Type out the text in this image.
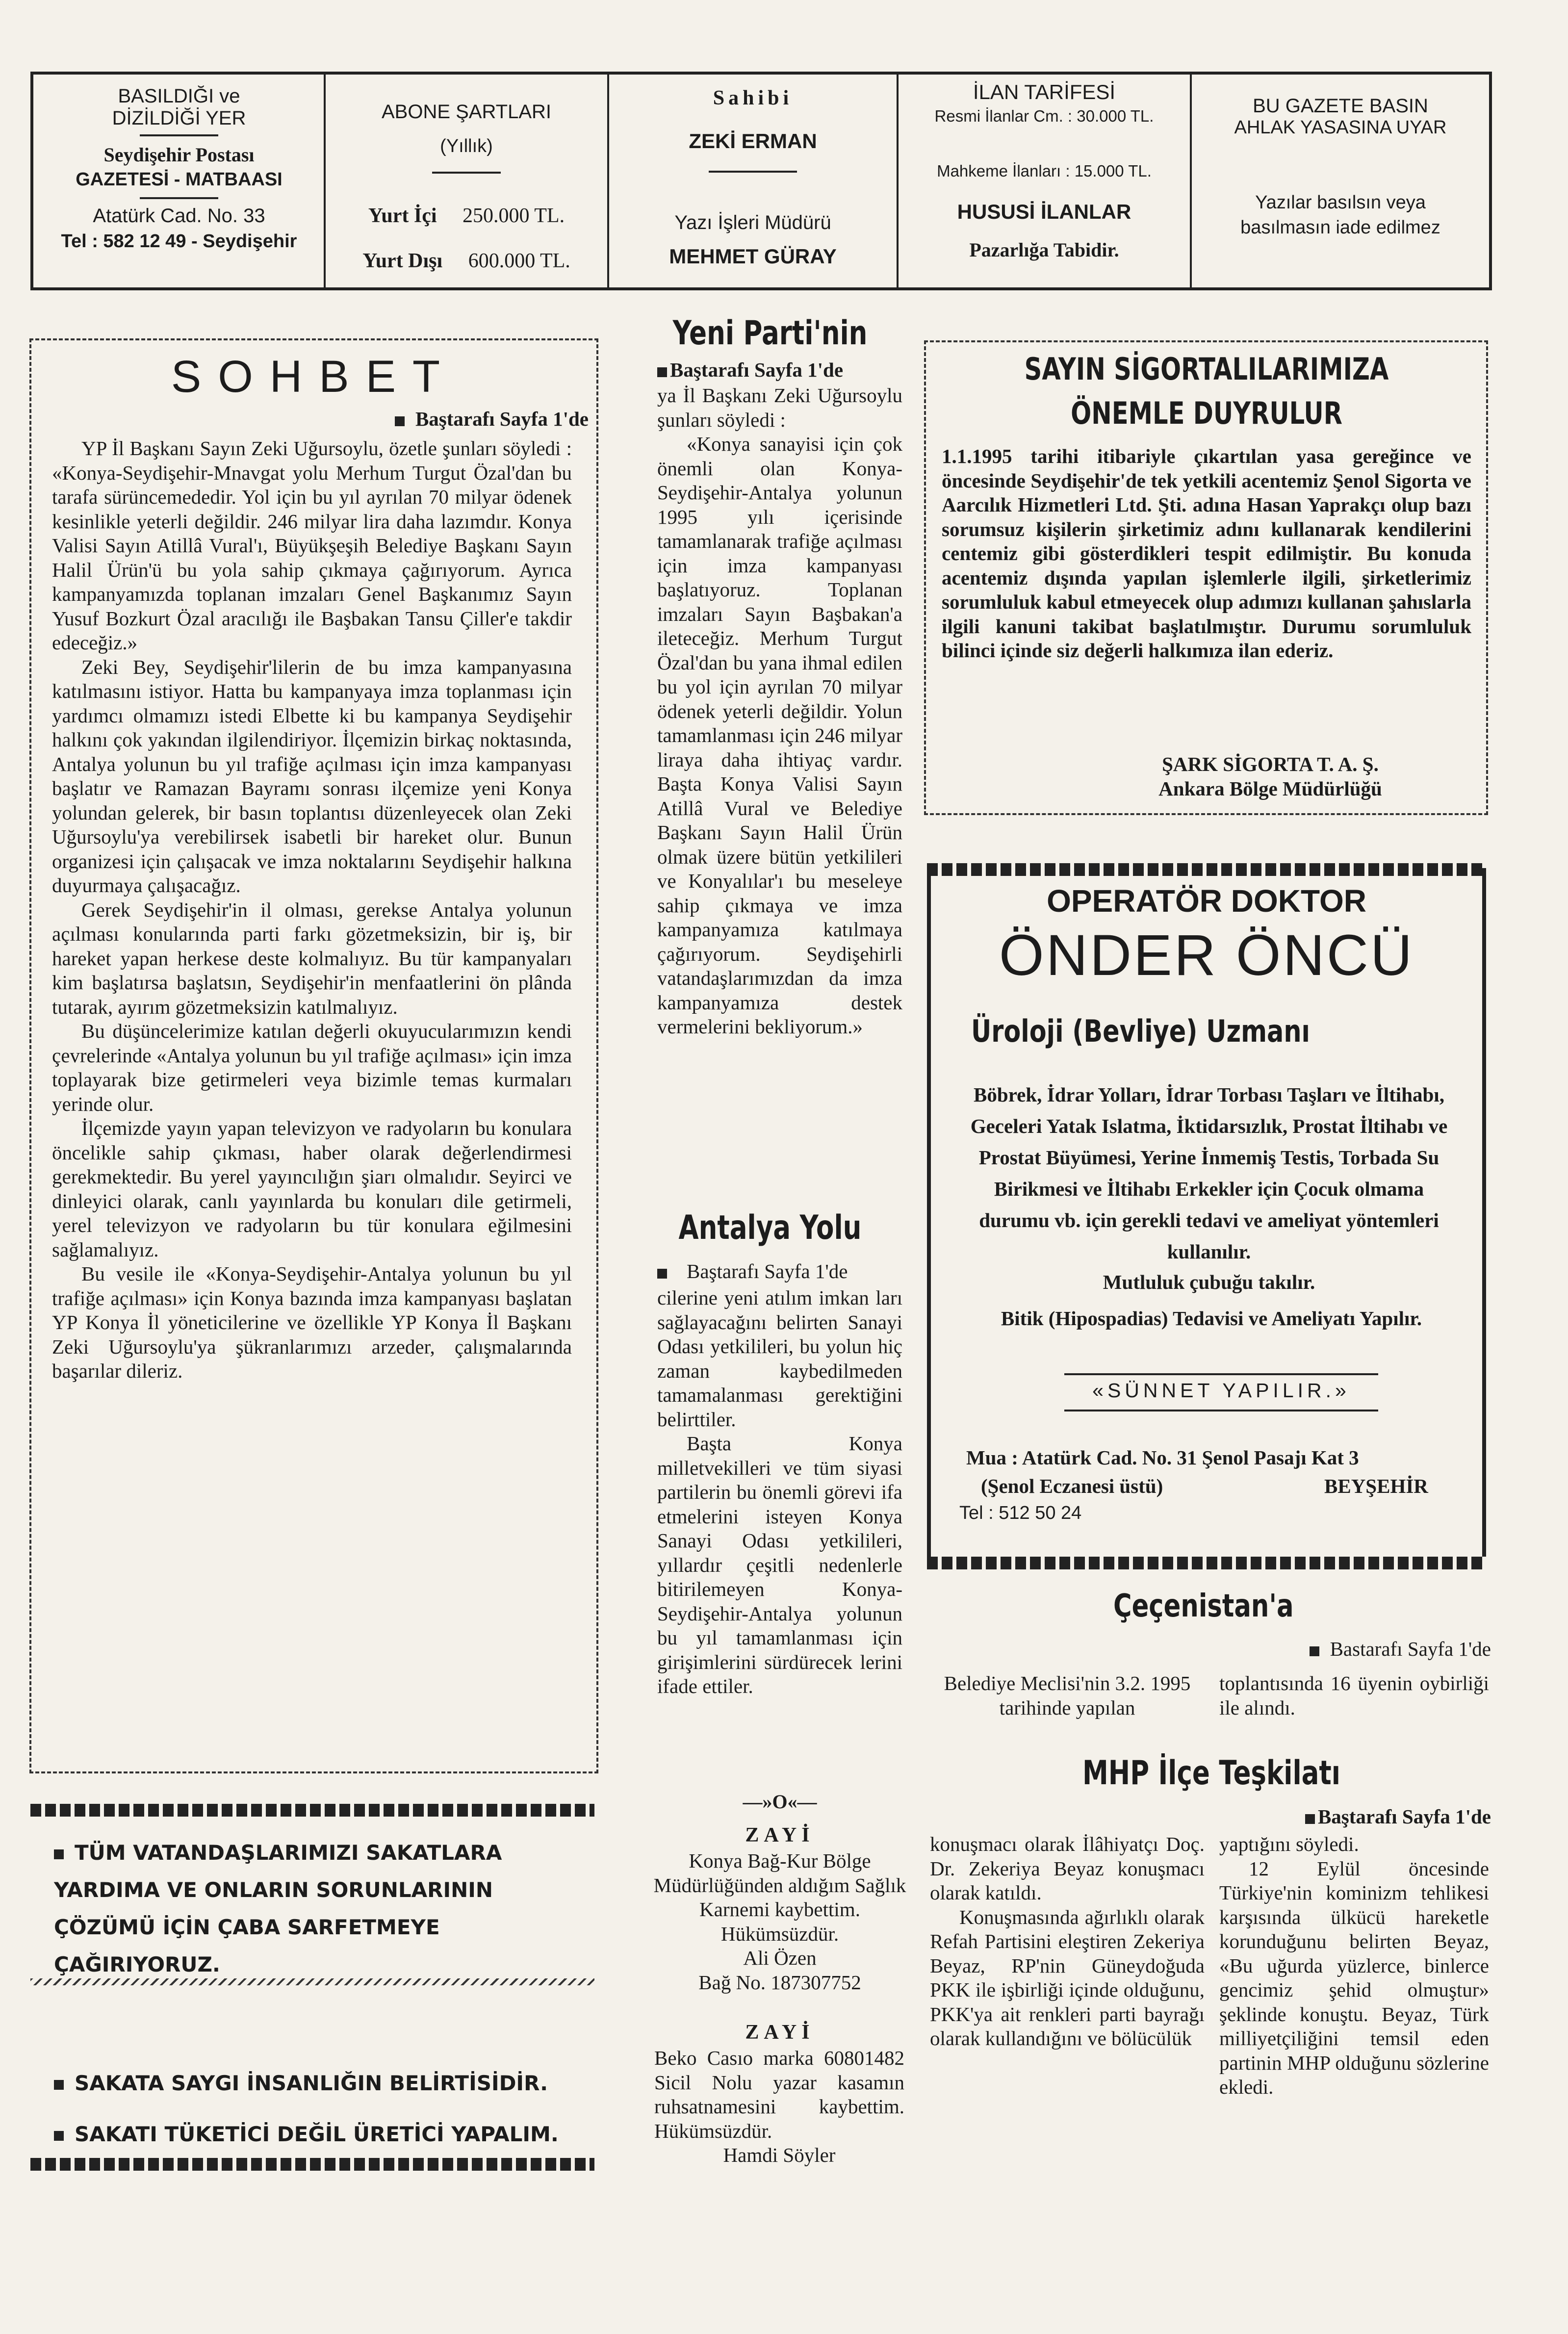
BASILDIĞI ve
DİZİLDİĞİ YER
Seydişehir Postası
GAZETESİ - MATBAASI
Atatürk Cad. No. 33
Tel : 582 12 49 - Seydişehir
ABONE ŞARTLARI
(Yıllık)
Yurt İçi 250.000 TL.
Yurt Dışı 600.000 TL.
Sahibi
ZEKİ ERMAN
Yazı İşleri Müdürü
MEHMET GÜRAY
İLAN TARİFESİ
Resmi İlanlar Cm. : 30.000 TL.
Mahkeme İlanları : 15.000 TL.
HUSUSİ İLANLAR
Pazarlığa Tabidir.
BU GAZETE BASIN
AHLAK YASASINA UYAR
Yazılar basılsın veya
basılmasın iade edilmez
SOHBET
Baştarafı Sayfa 1'de

YP İl Başkanı Sayın Zeki Uğursoylu, özetle şunları söyledi : «Konya-Seydişehir-Mnavgat yolu Merhum Turgut Özal'dan bu tarafa sürüncemededir. Yol için bu yıl ayrılan 70 milyar ödenek kesinlikle yeterli değildir. 246 milyar lira daha lazımdır. Konya Valisi Sayın Atillâ Vural'ı, Büyükşeşih Belediye Başkanı Sayın Halil Ürün'ü bu yola sahip çıkmaya çağırıyorum. Ayrıca kampanyamızda toplanan imzaları Genel Başkanımız Sayın Yusuf Bozkurt Özal aracılığı ile Başbakan Tansu Çiller'e takdir edeceğiz.»

Zeki Bey, Seydişehir'lilerin de bu imza kampanyasına katılmasını istiyor. Hatta bu kampanyaya imza toplanması için yardımcı olmamızı istedi Elbette ki bu kampanya Seydişehir halkını çok yakından ilgilendiriyor. İlçemizin birkaç noktasında, Antalya yolunun bu yıl trafiğe açılması için imza kampanyası başlatır ve Ramazan Bayramı sonrası ilçemize yeni Konya yolundan gelerek, bir basın toplantısı düzenleyecek olan Zeki Uğursoylu'ya verebilirsek isabetli bir hareket olur. Bunun organizesi için çalışacak ve imza noktalarını Seydişehir halkına duyurmaya çalışacağız.

Gerek Seydişehir'in il olması, gerekse Antalya yolunun açılması konularında parti farkı gözetmeksizin, bir iş, bir hareket yapan herkese deste kolmalıyız. Bu tür kampanyaları kim başlatırsa başlatsın, Seydişehir'in menfaatlerini ön plânda tutarak, ayırım gözetmeksizin katılmalıyız.

Bu düşüncelerimize katılan değerli okuyucularımızın kendi çevrelerinde «Antalya yolunun bu yıl trafiğe açılması» için imza toplayarak bize getirmeleri veya bizimle temas kurmaları yerinde olur.

İlçemizde yayın yapan televizyon ve radyoların bu konulara öncelikle sahip çıkması, haber olarak değerlendirmesi gerekmektedir. Bu yerel yayıncılığın şiarı olmalıdır. Seyirci ve dinleyici olarak, canlı yayınlarda bu konuları dile getirmeli, yerel televizyon ve radyoların bu tür konulara eğilmesini sağlamalıyız.

Bu vesile ile «Konya-Seydişehir-Antalya yolunun bu yıl trafiğe açılması» için Konya bazında imza kampanyası başlatan YP Konya İl yöneticilerine ve özellikle YP Konya İl Başkanı Zeki Uğursoylu'ya şükranlarımızı arzeder, çalışmalarında başarılar dileriz.

TÜM VATANDAŞLARIMIZI SAKATLARA YARDIMA VE ONLARIN SORUNLARININ ÇÖZÜMÜ İÇİN ÇABA SARFETMEYE ÇAĞIRIYORUZ.
SAKATA SAYGI İNSANLIĞIN BELİRTİSİDİR.
SAKATI TÜKETİCİ DEĞİL ÜRETİCİ YAPALIM.
Yeni Parti'nin
Baştarafı Sayfa 1'de

ya İl Başkanı Zeki Uğursoylu şunları söyledi :

«Konya sanayisi için çok önemli olan Konya-Seydişehir-Antalya yolunun 1995 yılı içerisinde tamamlanarak trafiğe açılması için imza kampanyası başlatıyoruz. Toplanan imzaları Sayın Başbakan'a ileteceğiz. Merhum Turgut Özal'dan bu yana ihmal edilen bu yol için ayrılan 70 milyar ödenek yeterli değildir. Yolun tamamlanması için 246 milyar liraya daha ihtiyaç vardır. Başta Konya Valisi Sayın Atillâ Vural ve Belediye Başkanı Sayın Halil Ürün olmak üzere bütün yetkilileri ve Konyalılar'ı bu meseleye sahip çıkmaya ve imza kampanyamıza katılmaya çağırıyorum. Seydişehirli vatandaşlarımızdan da imza kampanyamıza destek vermelerini bekliyorum.»

Antalya Yolu
Baştarafı Sayfa 1'de

cilerine yeni atılım imkan ları sağlayacağını belirten Sanayi Odası yetkilileri, bu yolun hiç zaman kaybedilmeden tamamalanması gerektiğini belirttiler.

Başta Konya milletvekilleri ve tüm siyasi partilerin bu önemli görevi ifa etmelerini isteyen Konya Sanayi Odası yetkilileri, yıllardır çeşitli nedenlerle bitirilemeyen Konya-Seydişehir-Antalya yolunun bu yıl tamamlanması için girişimlerini sürdürecek lerini ifade ettiler.

—»O«—
ZAYİ
Konya Bağ-Kur Bölge Müdürlüğünden aldığım Sağlık Karnemi kaybettim. Hükümsüzdür.
Ali Özen
Bağ No. 187307752
ZAYİ
Beko Casıo marka 60801482 Sicil Nolu yazar kasamın ruhsatnamesini kaybettim. Hükümsüzdür.
Hamdi Söyler
SAYIN SİGORTALILARIMIZA
ÖNEMLE DUYRULUR
1.1.1995 tarihi itibariyle çıkartılan yasa gereğince ve öncesinde Seydişehir'de tek yetkili acentemiz Şenol Sigorta ve Aarcılık Hizmetleri Ltd. Şti. adına Hasan Yaprakçı olup bazı sorumsuz kişilerin şirketimiz adını kullanarak kendilerini centemiz gibi gösterdikleri tespit edilmiştir. Bu konuda acentemiz dışında yapılan işlemlerle ilgili, şirketlerimiz sorumluluk kabul etmeyecek olup adımızı kullanan şahıslarla ilgili kanuni takibat başlatılmıştır. Durumu sorumluluk bilinci içinde siz değerli halkımıza ilan ederiz.
ŞARK SİGORTA T. A. Ş.
Ankara Bölge Müdürlüğü
OPERATÖR DOKTOR
ÖNDER ÖNCÜ
Üroloji (Bevliye) Uzmanı
Böbrek, İdrar Yolları, İdrar Torbası Taşları ve İltihabı, Geceleri Yatak Islatma, İktidarsızlık, Prostat İltihabı ve Prostat Büyümesi, Yerine İnmemiş Testis, Torbada Su Birikmesi ve İltihabı Erkekler için Çocuk olmama durumu vb. için gerekli tedavi ve ameliyat yöntemleri kullanılır.
Mutluluk çubuğu takılır.
Bitik (Hipospadias) Tedavisi ve Ameliyatı Yapılır.
«SÜNNET YAPILIR.»
Mua : Atatürk Cad. No. 31 Şenol Pasajı Kat 3
(Şenol Eczanesi üstü)	BEYŞEHİR
Tel : 512 50 24
Çeçenistan'a
Bastarafı Sayfa 1'de
Belediye Meclisi'nin 3.2. 1995 tarihinde yapılan
toplantısında 16 üyenin oybirliği ile alındı.
MHP İlçe Teşkilatı
Baştarafı Sayfa 1'de

konuşmacı olarak İlâhiyatçı Doç. Dr. Zekeriya Beyaz konuşmacı olarak katıldı.

Konuşmasında ağırlıklı olarak Refah Partisini eleştiren Zekeriya Beyaz, RP'nin Güneydoğuda PKK ile işbirliği içinde olduğunu, PKK'ya ait renkleri parti bayrağı olarak kullandığını ve bölücülük

yaptığını söyledi.

12 Eylül öncesinde Türkiye'nin kominizm tehlikesi karşısında ülkücü hareketle korunduğunu belirten Beyaz, «Bu uğurda yüzlerce, binlerce gencimiz şehid olmuştur» şeklinde konuştu. Beyaz, Türk milliyetçiliğini temsil eden partinin MHP olduğunu sözlerine ekledi.
